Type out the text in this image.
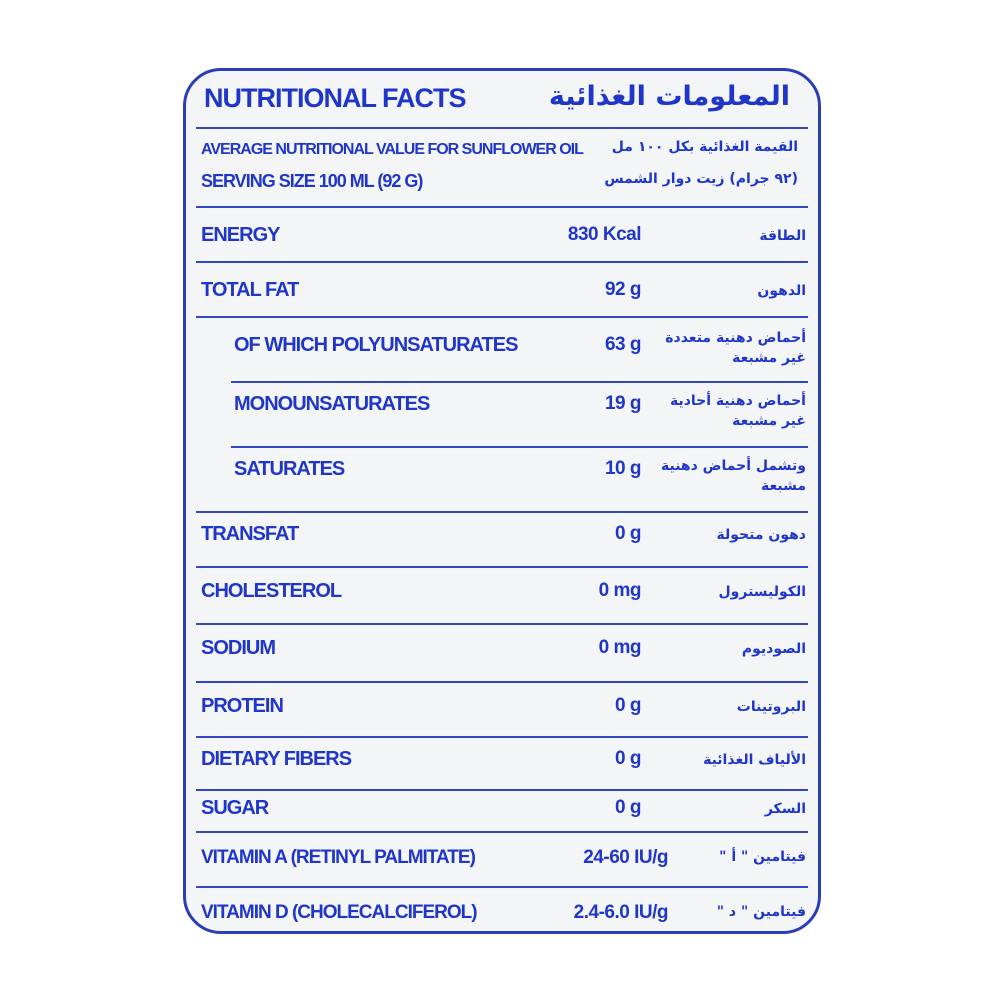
NUTRITIONAL FACTS	المعلومات الغذائية
AVERAGE NUTRITIONAL VALUE FOR SUNFLOWER OIL القيمة الغذائية بكل ١٠٠ مل
SERVING SIZE 100 ML (92 G)	(٩٢ جرام) زيت دوار الشمس
ENERGY	830 Kcal	الطاقة
TOTAL FAT	92 g	الدهون
OF WHICH POLYUNSATURATES	63 g	أحماض دهنية متعددة غير مشبعة
MONOUNSATURATES	19 g	أحماض دهنية أحادية غير مشبعة
SATURATES	10 g	وتشمل أحماض دهنية مشبعة
TRANSFAT	0 g	دهون متحولة
CHOLESTEROL	0 mg	الكوليسترول
SODIUM	0 mg	الصوديوم
PROTEIN	0 g	البروتينات
DIETARY FIBERS	0 g	الألياف الغذائية
SUGAR	0 g	السكر
VITAMIN A (RETINYL PALMITATE)	24-60 IU/g	فيتامين " أ "
VITAMIN D (CHOLECALCIFEROL)	2.4-6.0 IU/g	فيتامين " د "
